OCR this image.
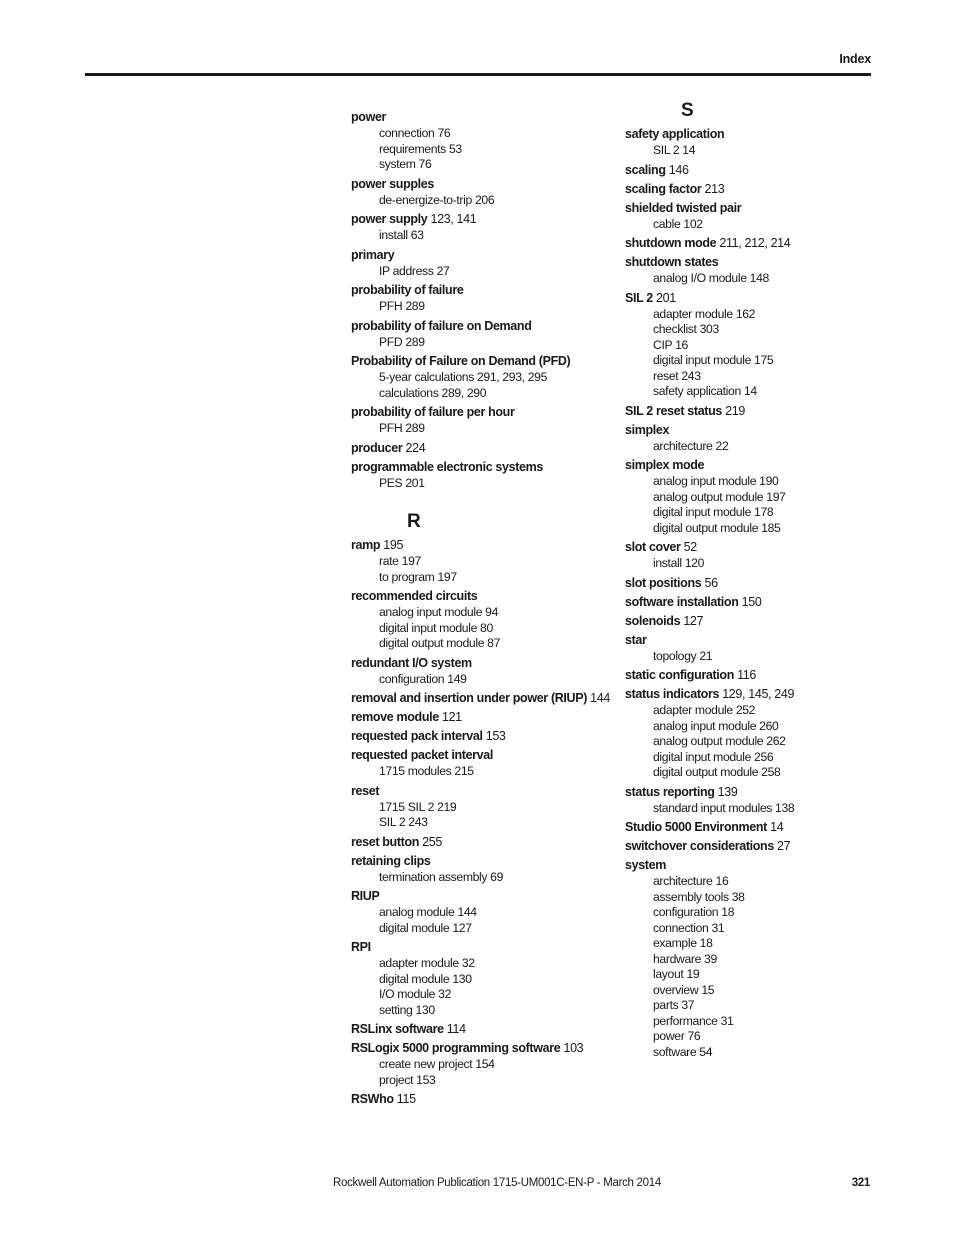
Index
power
connection 76
requirements 53
system 76
power supples
de-energize-to-trip 206
power supply 123, 141
install 63
primary
IP address 27
probability of failure
PFH 289
probability of failure on Demand
PFD 289
Probability of Failure on Demand (PFD)
5-year calculations 291, 293, 295
calculations 289, 290
probability of failure per hour
PFH 289
producer 224
programmable electronic systems
PES 201
R
ramp 195
rate 197
to program 197
recommended circuits
analog input module 94
digital input module 80
digital output module 87
redundant I/O system
configuration 149
removal and insertion under power (RIUP) 144
remove module 121
requested pack interval 153
requested packet interval
1715 modules 215
reset
1715 SIL 2 219
SIL 2 243
reset button 255
retaining clips
termination assembly 69
RIUP
analog module 144
digital module 127
RPI
adapter module 32
digital module 130
I/O module 32
setting 130
RSLinx software 114
RSLogix 5000 programming software 103
create new project 154
project 153
RSWho 115
S
safety application
SIL 2 14
scaling 146
scaling factor 213
shielded twisted pair
cable 102
shutdown mode 211, 212, 214
shutdown states
analog I/O module 148
SIL 2 201
adapter module 162
checklist 303
CIP 16
digital input module 175
reset 243
safety application 14
SIL 2 reset status 219
simplex
architecture 22
simplex mode
analog input module 190
analog output module 197
digital input module 178
digital output module 185
slot cover 52
install 120
slot positions 56
software installation 150
solenoids 127
star
topology 21
static configuration 116
status indicators 129, 145, 249
adapter module 252
analog input module 260
analog output module 262
digital input module 256
digital output module 258
status reporting 139
standard input modules 138
Studio 5000 Environment 14
switchover considerations 27
system
architecture 16
assembly tools 38
configuration 18
connection 31
example 18
hardware 39
layout 19
overview 15
parts 37
performance 31
power 76
software 54
Rockwell Automation Publication 1715-UM001C-EN-P - March 2014	321
